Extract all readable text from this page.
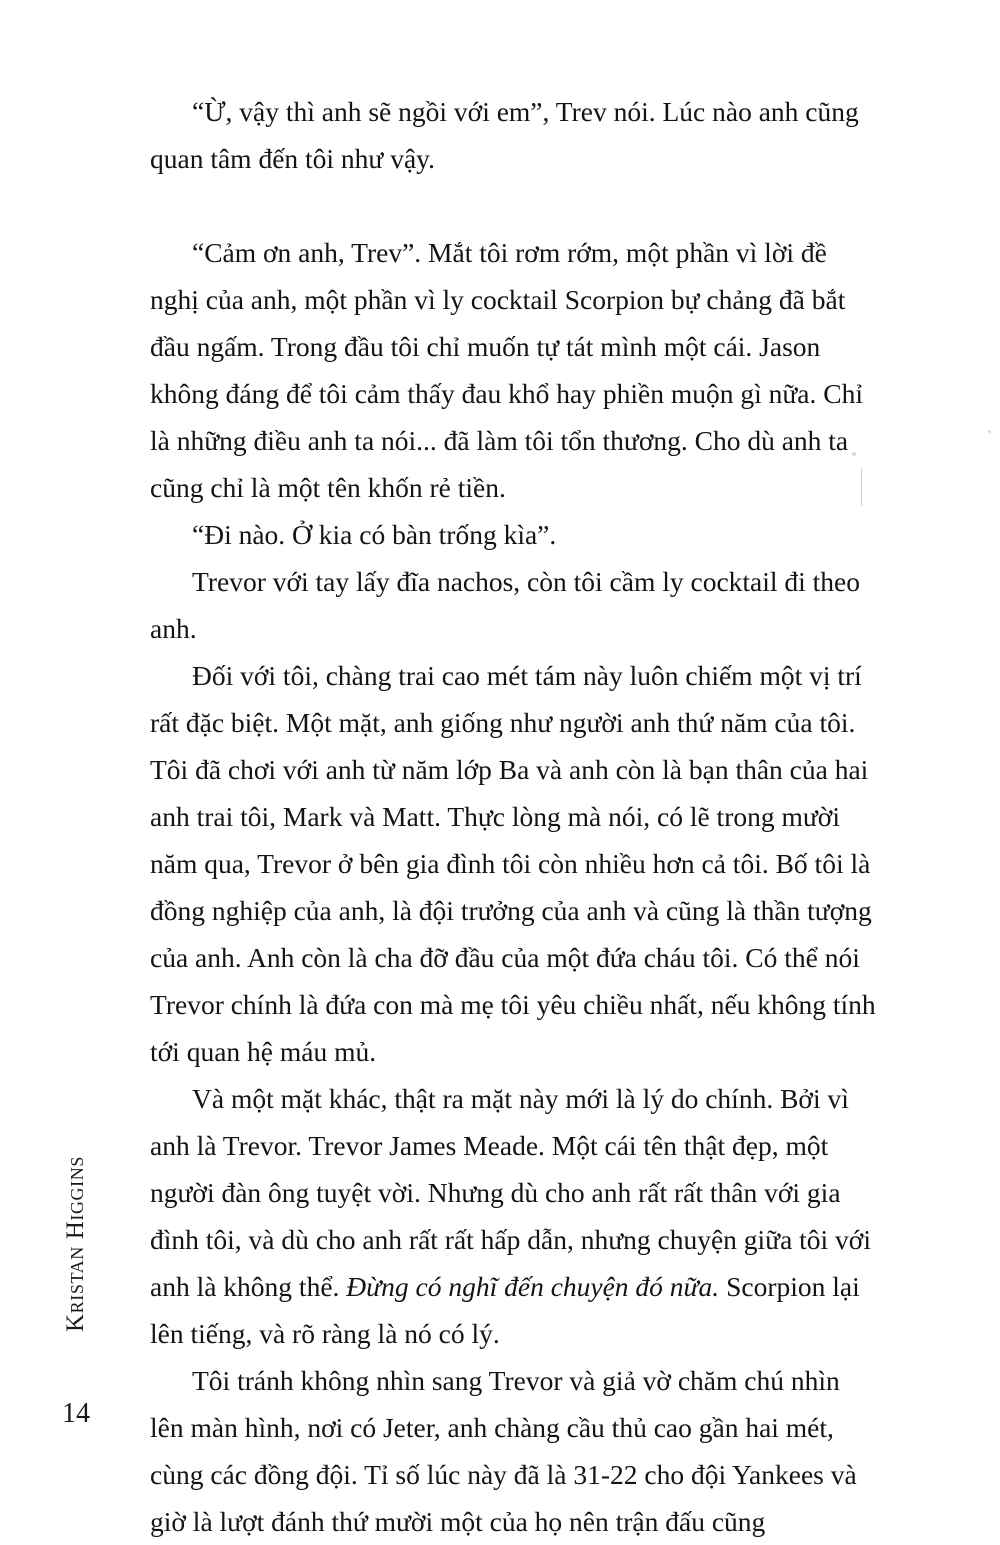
Kristan Higgins
14

“Ừ, vậy thì anh sẽ ngồi với em”, Trev nói. Lúc nào anh cũng quan tâm đến tôi như vậy.

“Cảm ơn anh, Trev”. Mắt tôi rơm rớm, một phần vì lời đề nghị của anh, một phần vì ly cocktail Scorpion bự chảng đã bắt đầu ngấm. Trong đầu tôi chỉ muốn tự tát mình một cái. Jason không đáng để tôi cảm thấy đau khổ hay phiền muộn gì nữa. Chỉ là những điều anh ta nói... đã làm tôi tổn thương. Cho dù anh ta cũng chỉ là một tên khốn rẻ tiền.

“Đi nào. Ở kia có bàn trống kìa”.

Trevor với tay lấy đĩa nachos, còn tôi cầm ly cocktail đi theo anh.

Đối với tôi, chàng trai cao mét tám này luôn chiếm một vị trí rất đặc biệt. Một mặt, anh giống như người anh thứ năm của tôi. Tôi đã chơi với anh từ năm lớp Ba và anh còn là bạn thân của hai anh trai tôi, Mark và Matt. Thực lòng mà nói, có lẽ trong mười năm qua, Trevor ở bên gia đình tôi còn nhiều hơn cả tôi. Bố tôi là đồng nghiệp của anh, là đội trưởng của anh và cũng là thần tượng của anh. Anh còn là cha đỡ đầu của một đứa cháu tôi. Có thể nói Trevor chính là đứa con mà mẹ tôi yêu chiều nhất, nếu không tính tới quan hệ máu mủ.

Và một mặt khác, thật ra mặt này mới là lý do chính. Bởi vì anh là Trevor. Trevor James Meade. Một cái tên thật đẹp, một người đàn ông tuyệt vời. Nhưng dù cho anh rất rất thân với gia đình tôi, và dù cho anh rất rất hấp dẫn, nhưng chuyện giữa tôi với anh là không thể. Đừng có nghĩ đến chuyện đó nữa. Scorpion lại lên tiếng, và rõ ràng là nó có lý.

Tôi tránh không nhìn sang Trevor và giả vờ chăm chú nhìn lên màn hình, nơi có Jeter, anh chàng cầu thủ cao gần hai mét, cùng các đồng đội. Tỉ số lúc này đã là 31-22 cho đội Yankees và giờ là lượt đánh thứ mười một của họ nên trận đấu cũng
